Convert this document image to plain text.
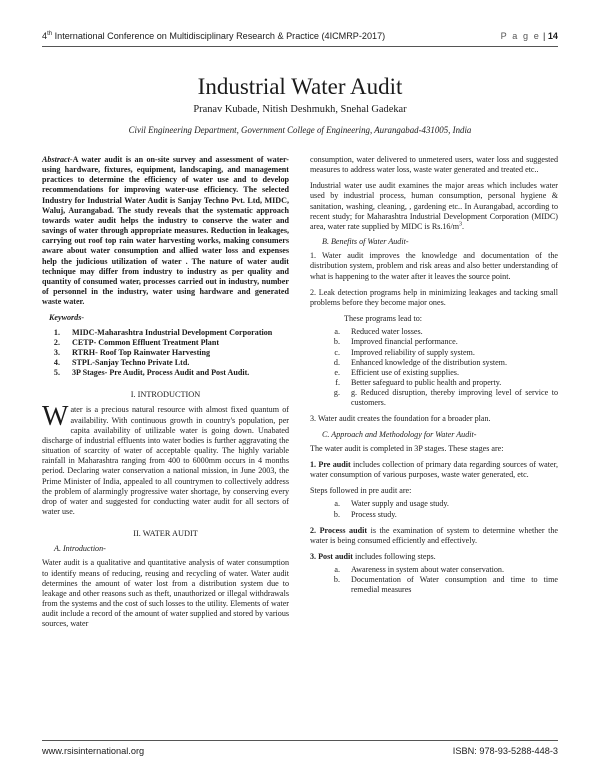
4th International Conference on Multidisciplinary Research & Practice (4ICMRP-2017)	P a g e | 14
Industrial Water Audit
Pranav Kubade, Nitish Deshmukh, Snehal Gadekar
Civil Engineering Department, Government College of Engineering, Aurangabad-431005, India

Abstract-A water audit is an on-site survey and assessment of water-using hardware, fixtures, equipment, landscaping, and management practices to determine the efficiency of water use and to develop recommendations for improving water-use efficiency. The selected Industry for Industrial Water Audit is Sanjay Techno Pvt. Ltd, MIDC, Waluj, Aurangabad. The study reveals that the systematic approach towards water audit helps the industry to conserve the water and savings of water through appropriate measures. Reduction in leakages, carrying out roof top rain water harvesting works, making consumers aware about water consumption and allied water loss and expenses help the judicious utilization of water . The nature of water audit technique may differ from industry to industry as per quality and quantity of consumed water, processes carried out in industry, number of personnel in the industry, water using hardware and generated waste water.

Keywords-

1. MIDC-Maharashtra Industrial Development Corporation
2. CETP- Common Effluent Treatment Plant
3. RTRH- Roof Top Rainwater Harvesting
4. STPL-Sanjay Techno Private Ltd.
5. 3P Stages- Pre Audit, Process Audit and Post Audit.

I. INTRODUCTION

Water is a precious natural resource with almost fixed quantum of availability. With continuous growth in country's population, per capita availability of utilizable water is going down. Unabated discharge of industrial effluents into water bodies is further aggravating the situation of scarcity of water of acceptable quality. The highly variable rainfall in Maharashtra ranging from 400 to 6000mm occurs in 4 months period. Declaring water conservation a national mission, in June 2003, the Prime Minister of India, appealed to all countrymen to collectively address the problem of alarmingly progressive water shortage, by conserving every drop of water and suggested for conducting water audit for all sectors of water use.

II. WATER AUDIT

A. Introduction-

Water audit is a qualitative and quantitative analysis of water consumption to identify means of reducing, reusing and recycling of water. Water audit determines the amount of water lost from a distribution system due to leakage and other reasons such as theft, unauthorized or illegal withdrawals from the systems and the cost of such losses to the utility. Elements of water audit include a record of the amount of water supplied and stored by various sources, water

consumption, water delivered to unmetered users, water loss and suggested measures to address water loss, waste water generated and treated etc..

Industrial water use audit examines the major areas which includes water used by industrial process, human consumption, personal hygiene & sanitation, washing, cleaning, , gardening etc.. In Aurangabad, according to recent study; for Maharashtra Industrial Development Corporation (MIDC) area, water rate supplied by MIDC is $Rs.16/m^3$.

B. Benefits of Water Audit-

1. Water audit improves the knowledge and documentation of the distribution system, problem and risk areas and also better understanding of what is happening to the water after it leaves the source point.

2. Leak detection programs help in minimizing leakages and tacking small problems before they become major ones.

These programs lead to:

a. Reduced water losses.
b. Improved financial performance.
c. Improved reliability of supply system.
d. Enhanced knowledge of the distribution system.
e. Efficient use of existing supplies.
f. Better safeguard to public health and property.
g. g. Reduced disruption, thereby improving level of service to customers.

3. Water audit creates the foundation for a broader plan.

C. Approach and Methodology for Water Audit-

The water audit is completed in 3P stages. These stages are:

1. Pre audit includes collection of primary data regarding sources of water, water consumption of various purposes, waste water generated, etc.

Steps followed in pre audit are:

a. Water supply and usage study.
b. Process study.

2. Process audit is the examination of system to determine whether the water is being consumed efficiently and effectively.

3. Post audit includes following steps.

a. Awareness in system about water conservation.
b. Documentation of Water consumption and time to time remedial measures
www.rsisinternational.org	ISBN: 978-93-5288-448-3
